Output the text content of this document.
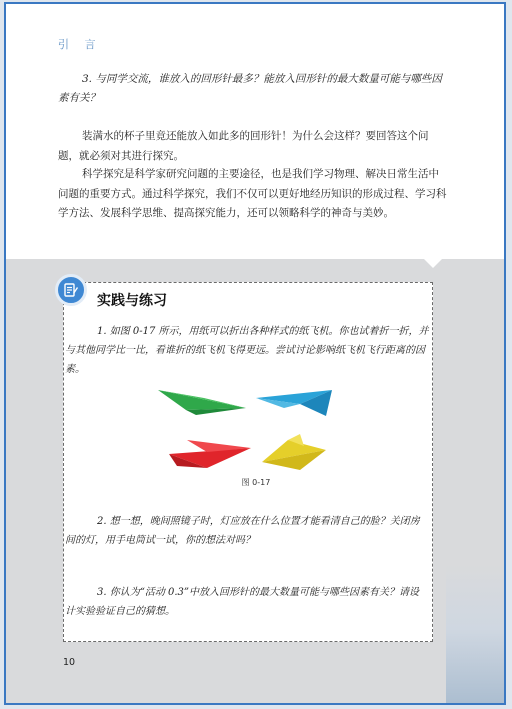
引 言
3. 与同学交流，谁放入的回形针最多？能放入回形针的最大数量可能与哪些因素有关？
装满水的杯子里竟还能放入如此多的回形针！为什么会这样？要回答这个问题，就必须对其进行探究。
科学探究是科学家研究问题的主要途径，也是我们学习物理、解决日常生活中问题的重要方式。通过科学探究，我们不仅可以更好地经历知识的形成过程、学习科学方法、发展科学思维、提高探究能力，还可以领略科学的神奇与美妙。
实践与练习
1. 如图 0-17 所示，用纸可以折出各种样式的纸飞机。你也试着折一折，并与其他同学比一比，看谁折的纸飞机飞得更远。尝试讨论影响纸飞机飞行距离的因素。
图 0-17
2. 想一想，晚间照镜子时，灯应放在什么位置才能看清自己的脸？关闭房间的灯，用手电筒试一试，你的想法对吗？
3. 你认为“活动 0.3”中放入回形针的最大数量可能与哪些因素有关？请设计实验验证自己的猜想。
10
